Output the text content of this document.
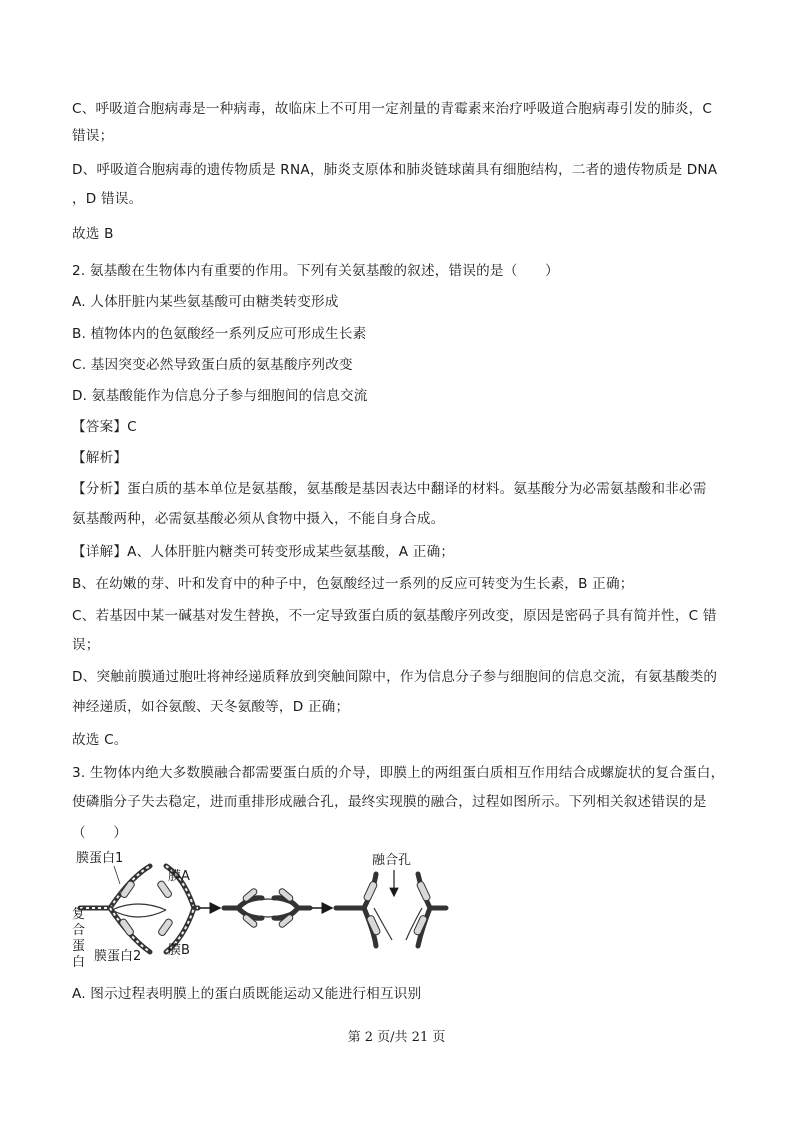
C、呼吸道合胞病毒是一种病毒，故临床上不可用一定剂量的青霉素来治疗呼吸道合胞病毒引发的肺炎，C
错误；
D、呼吸道合胞病毒的遗传物质是 RNA，肺炎支原体和肺炎链球菌具有细胞结构，二者的遗传物质是 DNA
，D 错误。
故选 B
2. 氨基酸在生物体内有重要的作用。下列有关氨基酸的叙述，错误的是（　　）
A. 人体肝脏内某些氨基酸可由糖类转变形成
B. 植物体内的色氨酸经一系列反应可形成生长素
C. 基因突变必然导致蛋白质的氨基酸序列改变
D. 氨基酸能作为信息分子参与细胞间的信息交流
【答案】C
【解析】
【分析】蛋白质的基本单位是氨基酸，氨基酸是基因表达中翻译的材料。氨基酸分为必需氨基酸和非必需
氨基酸两种，必需氨基酸必须从食物中摄入，不能自身合成。
【详解】A、人体肝脏内糖类可转变形成某些氨基酸，A 正确；
B、在幼嫩的芽、叶和发育中的种子中，色氨酸经过一系列的反应可转变为生长素，B 正确；
C、若基因中某一碱基对发生替换，不一定导致蛋白质的氨基酸序列改变，原因是密码子具有简并性，C 错
误；
D、突触前膜通过胞吐将神经递质释放到突触间隙中，作为信息分子参与细胞间的信息交流，有氨基酸类的
神经递质，如谷氨酸、天冬氨酸等，D 正确；
故选 C。
3. 生物体内绝大多数膜融合都需要蛋白质的介导，即膜上的两组蛋白质相互作用结合成螺旋状的复合蛋白，
使磷脂分子失去稳定，进而重排形成融合孔，最终实现膜的融合，过程如图所示。下列相关叙述错误的是
（　　）
A. 图示过程表明膜上的蛋白质既能运动又能进行相互识别
膜蛋白1
膜A
复
合
蛋
白 膜蛋白2 膜B
融合孔
第 2 页/共 21 页
